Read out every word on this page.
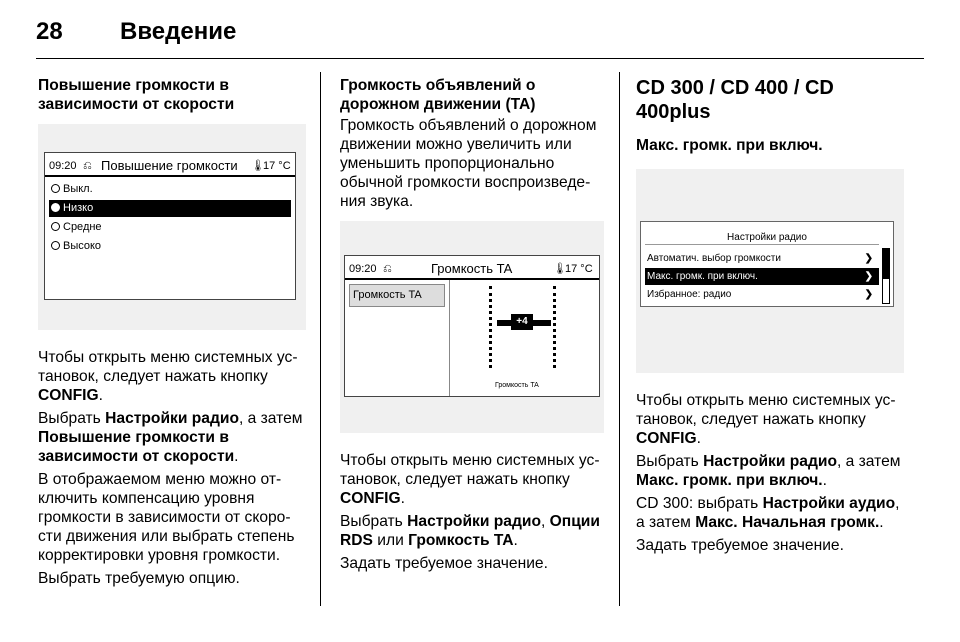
28 Введение
Повышение громкости в зависимости от скорости
09:20 ⎌ Повышение громкости 🌡
17 °C
Выкл.
Низко
Средне
Высоко

Чтобы открыть меню системных ус-тановок, следует нажать кнопку CONFIG.

Выбрать Настройки радио, а затем Повышение громкости в зависимости от скорости.

В отображаемом меню можно от-ключить компенсацию уровня громкости в зависимости от скоро-сти движения или выбрать степень корректировки уровня громкости.

Выбрать требуемую опцию.

Громкость объявлений о дорожном движении (TA)

Громкость объявлений о дорожном движении можно увеличить или уменьшить пропорционально обычной громкости воспроизведе-ния звука.

09:20 ⎌	Громкость TA	🌡
17 °C
Громкость TA
+4
Громкость TA

Чтобы открыть меню системных ус-тановок, следует нажать кнопку CONFIG.

Выбрать Настройки радио, Опции RDS или Громкость TA.

Задать требуемое значение.

CD 300 / CD 400 / CD 400plus
Макс. громк. при включ.
Настройки радио
Автоматич. выбор громкости	❯
Макс. громк. при включ.	❯
Избранное: радио	❯

Чтобы открыть меню системных ус-тановок, следует нажать кнопку CONFIG.

Выбрать Настройки радио, а затем Макс. громк. при включ..

CD 300: выбрать Настройки аудио, а затем Макс. Начальная громк..

Задать требуемое значение.
